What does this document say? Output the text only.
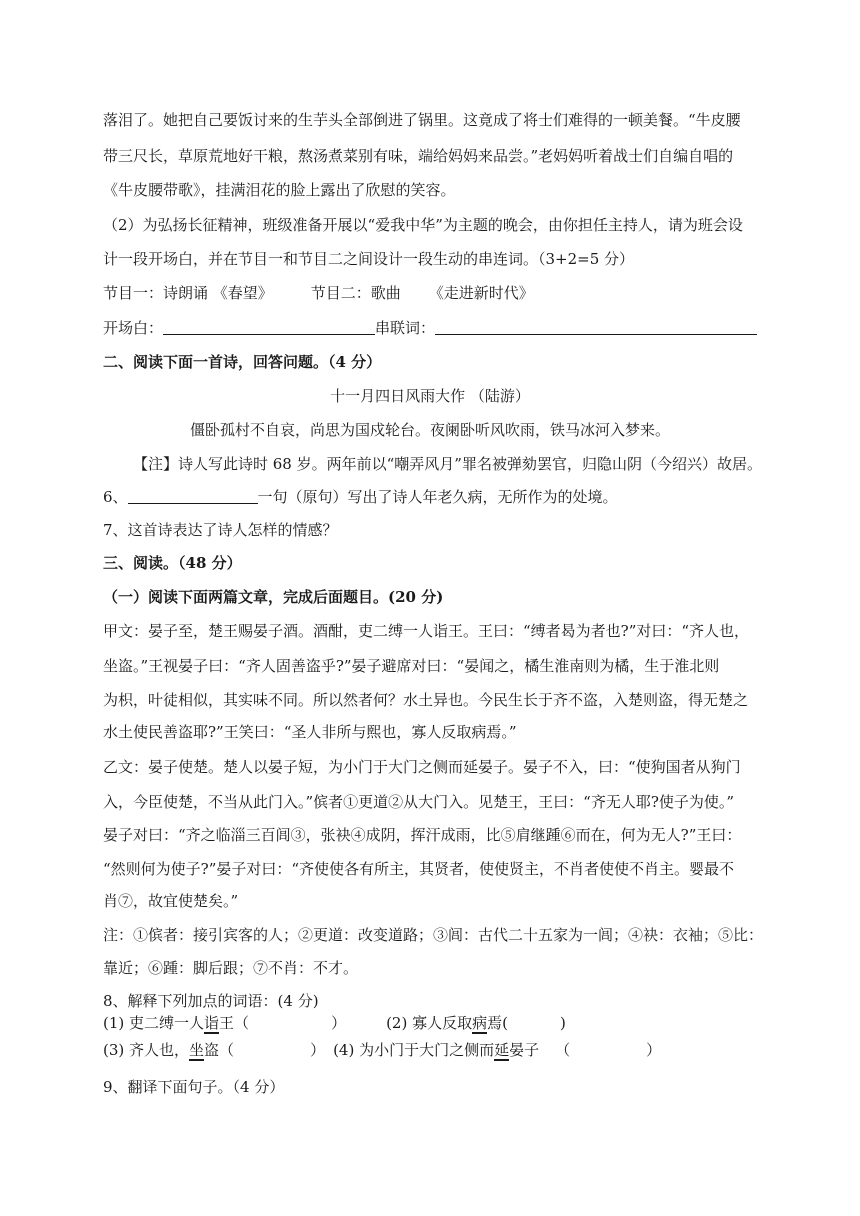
落泪了。她把自己要饭讨来的生芋头全部倒进了锅里。这竟成了将士们难得的一顿美餐。“牛皮腰
带三尺长，草原荒地好干粮，熬汤煮菜别有味，端给妈妈来品尝。”老妈妈听着战士们自编自唱的
《牛皮腰带歌》，挂满泪花的脸上露出了欣慰的笑容。
（2）为弘扬长征精神，班级准备开展以“爱我中华”为主题的晚会，由你担任主持人，请为班会设
计一段开场白，并在节目一和节目二之间设计一段生动的串连词。（3+2=5 分）
节目一：诗朗诵 《春望》	节目二：歌曲 《走进新时代》
开场白：	串联词：
二、阅读下面一首诗，回答问题。（4 分）
十一月四日风雨大作 （陆游）
僵卧孤村不自哀，尚思为国戍轮台。夜阑卧听风吹雨，铁马冰河入梦来。
【注】诗人写此诗时 68 岁。两年前以“嘲弄风月”罪名被弹劾罢官，归隐山阴（今绍兴）故居。
6、	一句（原句）写出了诗人年老久病，无所作为的处境。
7、这首诗表达了诗人怎样的情感？
三、阅读。（48 分）
（一）阅读下面两篇文章，完成后面题目。(20 分)
甲文：晏子至，楚王赐晏子酒。酒酣，吏二缚一人诣王。王曰：“缚者曷为者也?”对曰：“齐人也，
坐盗。”王视晏子曰：“齐人固善盗乎?”晏子避席对曰：“晏闻之，橘生淮南则为橘，生于淮北则
为枳，叶徒相似，其实味不同。所以然者何？水土异也。今民生长于齐不盗，入楚则盗，得无楚之
水土使民善盗耶?”王笑曰：“圣人非所与熙也，寡人反取病焉。”
乙文：晏子使楚。楚人以晏子短，为小门于大门之侧而延晏子。晏子不入，曰：“使狗国者从狗门
入，今臣使楚，不当从此门入。”傧者①更道②从大门入。见楚王，王曰：“齐无人耶?使子为使。”
晏子对曰：“齐之临淄三百闾③，张袂④成阴，挥汗成雨，比⑤肩继踵⑥而在，何为无人?”王曰：
“然则何为使子?”晏子对曰：“齐使使各有所主，其贤者，使使贤主，不肖者使使不肖主。婴最不
肖⑦，故宜使楚矣。”
注：①傧者：接引宾客的人；②更道：改变道路；③闾：古代二十五家为一闾；④袂：衣袖；⑤比：
靠近；⑥踵：脚后跟；⑦不肖：不才。
8、解释下列加点的词语：(4 分)
(1) 吏二缚一人诣王（	）	(2) 寡人反取病焉(	)
(3) 齐人也，坐盗（	） (4) 为小门于大门之侧而延晏子 （	）
9、翻译下面句子。（4 分）
